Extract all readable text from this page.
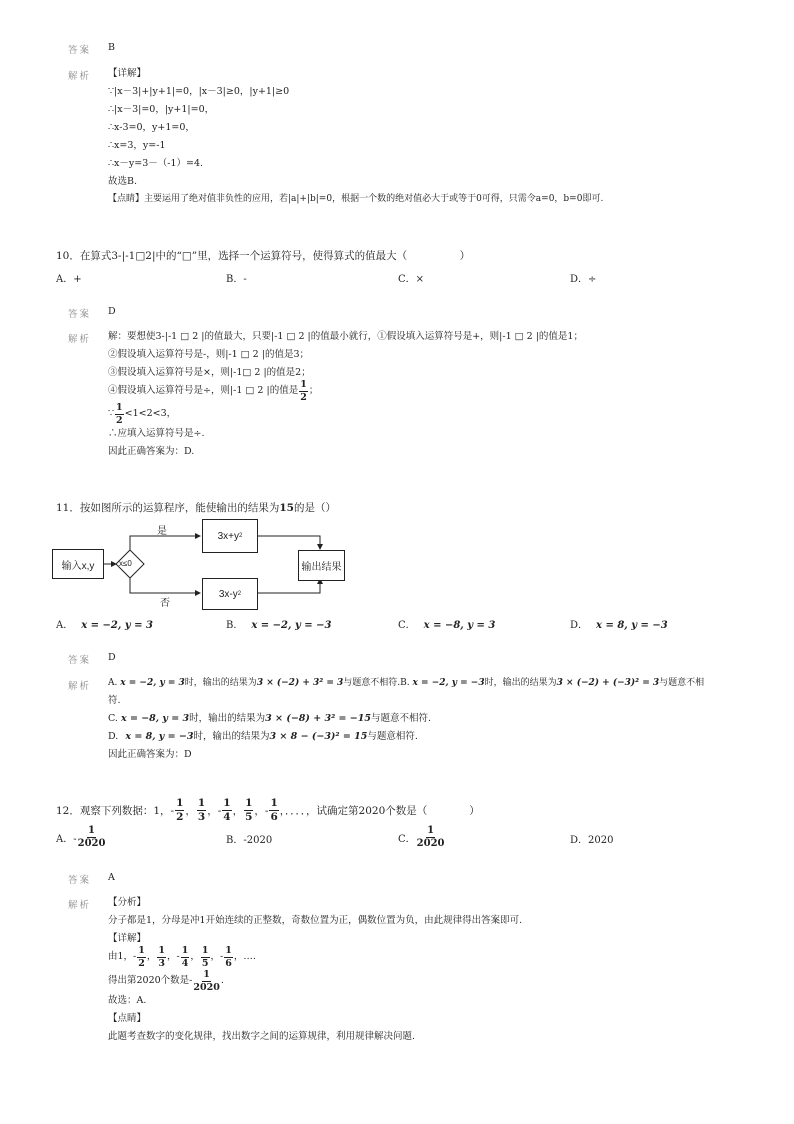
答案 B
解析 【详解】
∵|x－3|+|y+1|=0，|x－3|≥0，|y+1|≥0
∴|x－3|=0，|y+1|=0，
∴x-3=0，y+1=0，
∴x=3，y=-1
∴x－y=3－（-1）=4.
故选B.
【点睛】主要运用了绝对值非负性的应用，若|a|+|b|=0，根据一个数的绝对值必大于或等于0可得，只需令a=0，b=0即可.
10．在算式3-|-1□2|中的“□”里，选择一个运算符号，使得算式的值最大（　　　　　）
A．+	B．-	C．×	D．÷
答案 D
解析 解：要想使3-|-1 □ 2 |的值最大，只要|-1 □ 2 |的值最小就行，①假设填入运算符号是+，则|-1 □ 2 |的值是1；
②假设填入运算符号是-，则|-1 □ 2 |的值是3；
③假设填入运算符号是×，则|-1□ 2 |的值是2；
④假设填入运算符号是÷，则|-1 □ 2 |的值是 $\frac{1}{2}$ ；
∵ $\frac{1}{2} <1<2<3$，
∴应填入运算符号是÷.
因此正确答案为：D.
11．按如图所示的运算程序，能使输出的结果为15的是（）
输入x,y	x≤0
是
否
3x+y 2
3x-y 2
输出结果
A． x = −2, y = 3	B． x = −2, y = −3	C． x = −8, y = 3	D． x = 8, y = −3
答案 D
解析 A. x = −2, y = 3时，输出的结果为3 × (−2) + 3² = 3与题意不相符.B. x = −2, y = −3时，输出的结果为3 × (−2) + (−3)² = 3与题意不相
符.
C. x = −8, y = 3时，输出的结果为3 × (−8) + 3² = −15与题意不相符.
D. x = 8, y = −3时，输出的结果为3 × 8 − (−3)² = 15与题意相符.
因此正确答案为：D
12．观察下列数据：1，- $\frac{1}{2}$ ， $\frac{1}{3}$ ，- $\frac{1}{4}$ ， $\frac{1}{5}$ ，- $\frac{1}{6}$ ，．．．．，试确定第2020个数是（　　　　）
A．- $\frac{1}{2020}$	B．-2020	C． $\frac{1}{2020}$	D．2020
答案 A
解析 【分析】
分子都是1，分母是冲1开始连续的正整数，奇数位置为正，偶数位置为负，由此规律得出答案即可.
【详解】
由1，- $\frac{1}{2}$ ， $\frac{1}{3}$ ，- $\frac{1}{4}$ ， $\frac{1}{5}$ ，- $\frac{1}{6}$ ，….
得出第2020个数是- $\frac{1}{2020}$ .
故选：A.
【点睛】
此题考查数字的变化规律，找出数字之间的运算规律，利用规律解决问题.
